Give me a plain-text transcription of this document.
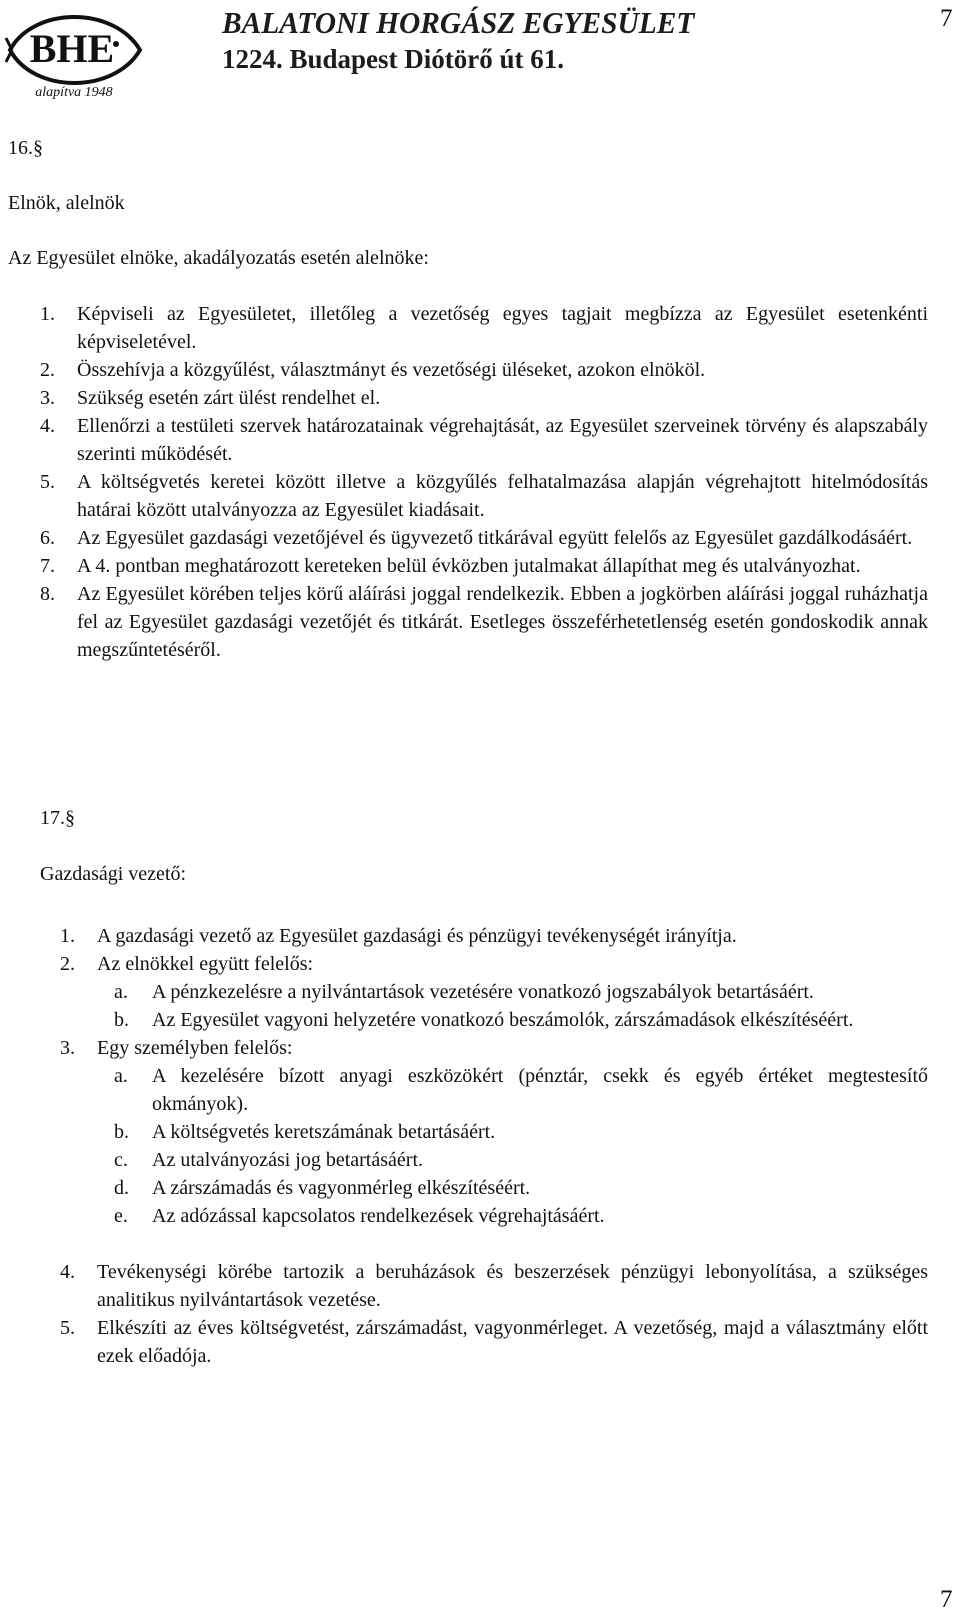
BHE
alapítva 1948
BALATONI HORGÁSZ EGYESÜLET
1224. Budapest Diótörő út 61.
7
16.§
Elnök, alelnök
Az Egyesület elnöke, akadályozatás esetén alelnöke:
1. Képviseli az Egyesületet, illetőleg a vezetőség egyes tagjait megbízza az Egyesület esetenkénti képviseletével.
2. Összehívja a közgyűlést, választmányt és vezetőségi üléseket, azokon elnököl.
3. Szükség esetén zárt ülést rendelhet el.
4. Ellenőrzi a testületi szervek határozatainak végrehajtását, az Egyesület szerveinek törvény és alapszabály szerinti működését.
5. A költségvetés keretei között illetve a közgyűlés felhatalmazása alapján végrehajtott hitelmódosítás határai között utalványozza az Egyesület kiadásait.
6. Az Egyesület gazdasági vezetőjével és ügyvezető titkárával együtt felelős az Egyesület gazdálkodásáért.
7. A 4. pontban meghatározott kereteken belül évközben jutalmakat állapíthat meg és utalványozhat.
8. Az Egyesület körében teljes körű aláírási joggal rendelkezik. Ebben a jogkörben aláírási joggal ruházhatja fel az Egyesület gazdasági vezetőjét és titkárát. Esetleges összeférhetetlenség esetén gondoskodik annak megszűntetéséről.
17.§
Gazdasági vezető:
1. A gazdasági vezető az Egyesület gazdasági és pénzügyi tevékenységét irányítja.
2. Az elnökkel együtt felelős:
a. A pénzkezelésre a nyilvántartások vezetésére vonatkozó jogszabályok betartásáért.
b. Az Egyesület vagyoni helyzetére vonatkozó beszámolók, zárszámadások elkészítéséért.
3. Egy személyben felelős:
a. A kezelésére bízott anyagi eszközökért (pénztár, csekk és egyéb értéket megtestesítő okmányok).
b. A költségvetés keretszámának betartásáért.
c. Az utalványozási jog betartásáért.
d. A zárszámadás és vagyonmérleg elkészítéséért.
e. Az adózással kapcsolatos rendelkezések végrehajtásáért.
4. Tevékenységi körébe tartozik a beruházások és beszerzések pénzügyi lebonyolítása, a szükséges analitikus nyilvántartások vezetése.
5. Elkészíti az éves költségvetést, zárszámadást, vagyonmérleget. A vezetőség, majd a választmány előtt ezek előadója.
7
